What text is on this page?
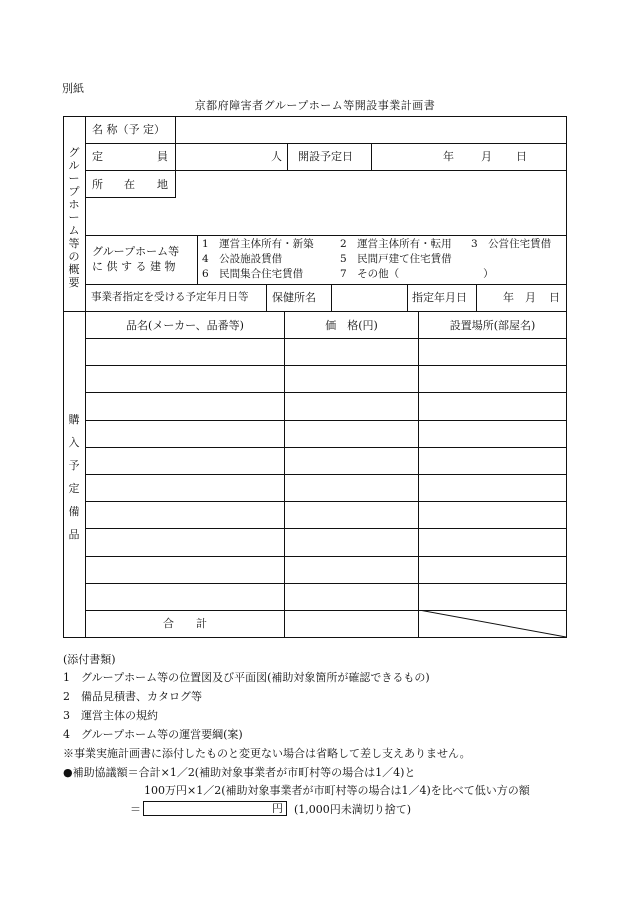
別紙
京都府障害者グループホーム等開設事業計画書
グ
ル
ー
プ
ホ
ー
ム
等
の
概
要
名 称（予 定）
定	員	人 開設予定日	年 月 日
所 在 地
グループホーム等
に 供 す る 建 物
1　運営主体所有・新築	2　運営主体所有・転用 3　公営住宅賃借
4　公設施設賃借	5　民間戸建て住宅賃借
6　民間集合住宅賃借	7　その他（　　　　　　　　）
事業者指定を受ける予定年月日等 保健所名	指定年月日	年 月 日
購
入
予
定
備
品
品名(メーカー、品番等)	価　格(円)	設置場所(部屋名)
合　　計
(添付書類)
1　グループホーム等の位置図及び平面図(補助対象箇所が確認できるもの)
2　備品見積書、カタログ等
3　運営主体の規約
4　グループホーム等の運営要綱(案)
※事業実施計画書に添付したものと変更ない場合は省略して差し支えありません。
●補助協議額＝合計×1／2(補助対象事業者が市町村等の場合は1／4)と
100万円×1／2(補助対象事業者が市町村等の場合は1／4)を比べて低い方の額
＝	円 (1,000円未満切り捨て)
